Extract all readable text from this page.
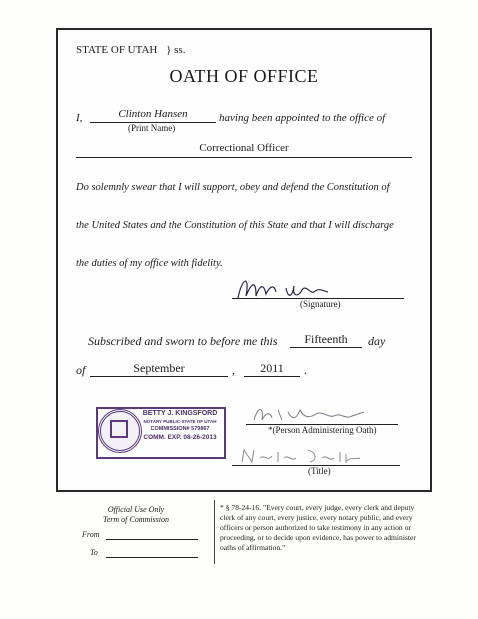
STATE OF UTAH } ss.
OATH OF OFFICE
I,	Clinton Hansen	having been appointed to the office of
(Print Name)
Correctional Officer
Do solemnly swear that I will support, obey and defend the Constitution of
the United States and the Constitution of this State and that I will discharge
the duties of my office with fidelity.
(Signature)
Subscribed and sworn to before me this	Fifteenth	day
of	September	,	2011	.
BETTY J. KINGSFORD
NOTARY PUBLIC-STATE OF UTAH
COMMISSION# 579867
COMM. EXP. 08-26-2013
*(Person Administering Oath)
(Title)
Official Use Only
Term of Commission
From
To
* § 78-24-16. "Every court, every judge, every clerk and deputy clerk of any court, every justice, every notary public, and every officers or person authorized to take testimony in any action or proceeding, or to decide upon evidence, has power to administer oaths of affirmation."
